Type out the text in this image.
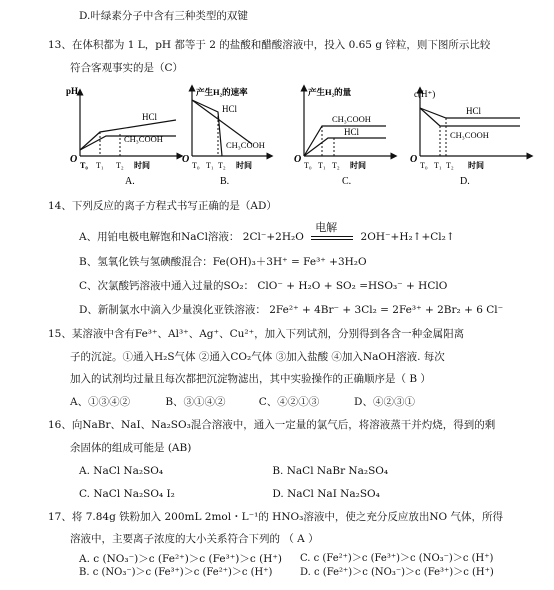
D.叶绿素分子中含有三种类型的双键
13、在体积都为 1 L，pH 都等于 2 的盐酸和醋酸溶液中，投入 0.65 g 锌粒，则下图所示比较
符合客观事实的是（C）
pH
O
HCl
CH₃COOH
T₀ T₁ T₂ 时间
A.
产生H₂的速率
O
HCl
CH₃COOH
T₀ T₁ T₂ 时间
B.
产生H₂的量
O
CH₃COOH
HCl
T₀ T₁ T₂ 时间
C.
c(H⁺)
O
HCl
CH₃COOH
T₀ T₁ T₂ 时间
D.
14、下列反应的离子方程式书写正确的是（AD）
A、用铂电极电解饱和NaCl溶液： 2Cl⁻+2H₂O
电解
2OH⁻+H₂↑+Cl₂↑
B、氢氧化铁与氢碘酸混合：Fe(OH)₃＋3H⁺ = Fe³⁺ +3H₂O
C、次氯酸钙溶液中通入过量的SO₂： ClO⁻ + H₂O + SO₂ =HSO₃⁻ + HClO
D、新制氯水中滴入少量溴化亚铁溶液： 2Fe²⁺ + 4Br⁻ + 3Cl₂ = 2Fe³⁺ + 2Br₂ + 6 Cl⁻
15、某溶液中含有Fe³⁺、Al³⁺、Ag⁺、Cu²⁺，加入下列试剂，分别得到各含一种金属阳离
子的沉淀。①通入H₂S气体 ②通入CO₂气体 ③加入盐酸 ④加入NaOH溶液. 每次
加入的试剂均过量且每次都把沉淀物滤出，其中实验操作的正确顺序是（ B ）
A、①③④②	B、③①④②	C、④②①③	D、④②③①
16、向NaBr、NaI、Na₂SO₃混合溶液中，通入一定量的氯气后，将溶液蒸干并灼烧，得到的剩
余固体的组成可能是 (AB)
A. NaCl Na₂SO₄	B. NaCl NaBr Na₂SO₄
C. NaCl Na₂SO₄ I₂	D. NaCl NaI Na₂SO₄
17、将 7.84g 铁粉加入 200mL 2mol・L⁻¹的 HNO₃溶液中，使之充分反应放出NO 气体，所得
溶液中，主要离子浓度的大小关系符合下列的 （ A ）
A. c (NO₃⁻)＞c (Fe²⁺)＞c (Fe³⁺)＞c (H⁺)
B. c (NO₃⁻)＞c (Fe³⁺)＞c (Fe²⁺)＞c (H⁺)
C. c (Fe²⁺)＞c (Fe³⁺)＞c (NO₃⁻)＞c (H⁺)
D. c (Fe²⁺)＞c (NO₃⁻)＞c (Fe³⁺)＞c (H⁺)
